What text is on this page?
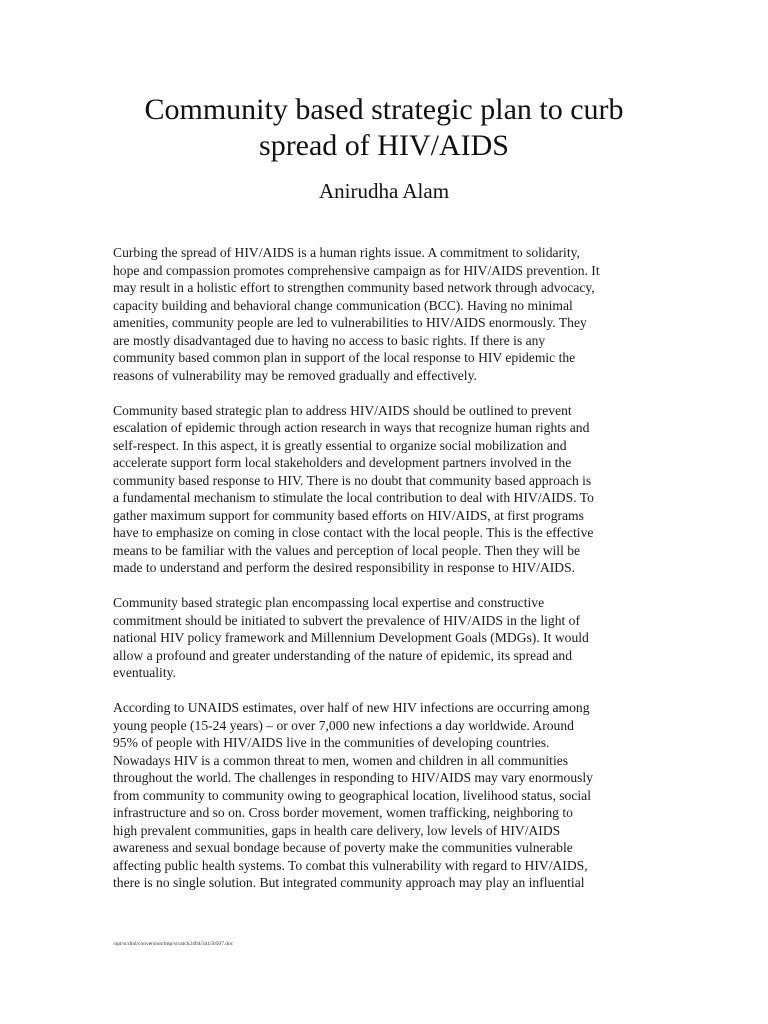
Community based strategic plan to curb
spread of HIV/AIDS
Anirudha Alam

Curbing the spread of HIV/AIDS is a human rights issue. A commitment to solidarity,
hope and compassion promotes comprehensive campaign as for HIV/AIDS prevention. It
may result in a holistic effort to strengthen community based network through advocacy,
capacity building and behavioral change communication (BCC). Having no minimal
amenities, community people are led to vulnerabilities to HIV/AIDS enormously. They
are mostly disadvantaged due to having no access to basic rights. If there is any
community based common plan in support of the local response to HIV epidemic the
reasons of vulnerability may be removed gradually and effectively.

Community based strategic plan to address HIV/AIDS should be outlined to prevent
escalation of epidemic through action research in ways that recognize human rights and
self-respect. In this aspect, it is greatly essential to organize social mobilization and
accelerate support form local stakeholders and development partners involved in the
community based response to HIV. There is no doubt that community based approach is
a fundamental mechanism to stimulate the local contribution to deal with HIV/AIDS. To
gather maximum support for community based efforts on HIV/AIDS, at first programs
have to emphasize on coming in close contact with the local people. This is the effective
means to be familiar with the values and perception of local people. Then they will be
made to understand and perform the desired responsibility in response to HIV/AIDS.

Community based strategic plan encompassing local expertise and constructive
commitment should be initiated to subvert the prevalence of HIV/AIDS in the light of
national HIV policy framework and Millennium Development Goals (MDGs). It would
allow a profound and greater understanding of the nature of epidemic, its spread and
eventuality.

According to UNAIDS estimates, over half of new HIV infections are occurring among
young people (15-24 years) – or over 7,000 new infections a day worldwide. Around
95% of people with HIV/AIDS live in the communities of developing countries.
Nowadays HIV is a common threat to men, women and children in all communities
throughout the world. The challenges in responding to HIV/AIDS may vary enormously
from community to community owing to geographical location, livelihood status, social
infrastructure and so on. Cross border movement, women trafficking, neighboring to
high prevalent communities, gaps in health care delivery, low levels of HIV/AIDS
awareness and sexual bondage because of poverty make the communities vulnerable
affecting public health systems. To combat this vulnerability with regard to HIV/AIDS,
there is no single solution. But integrated community approach may play an influential

/opt/scribd/conversion/tmp/scratch2404/34150507.doc
